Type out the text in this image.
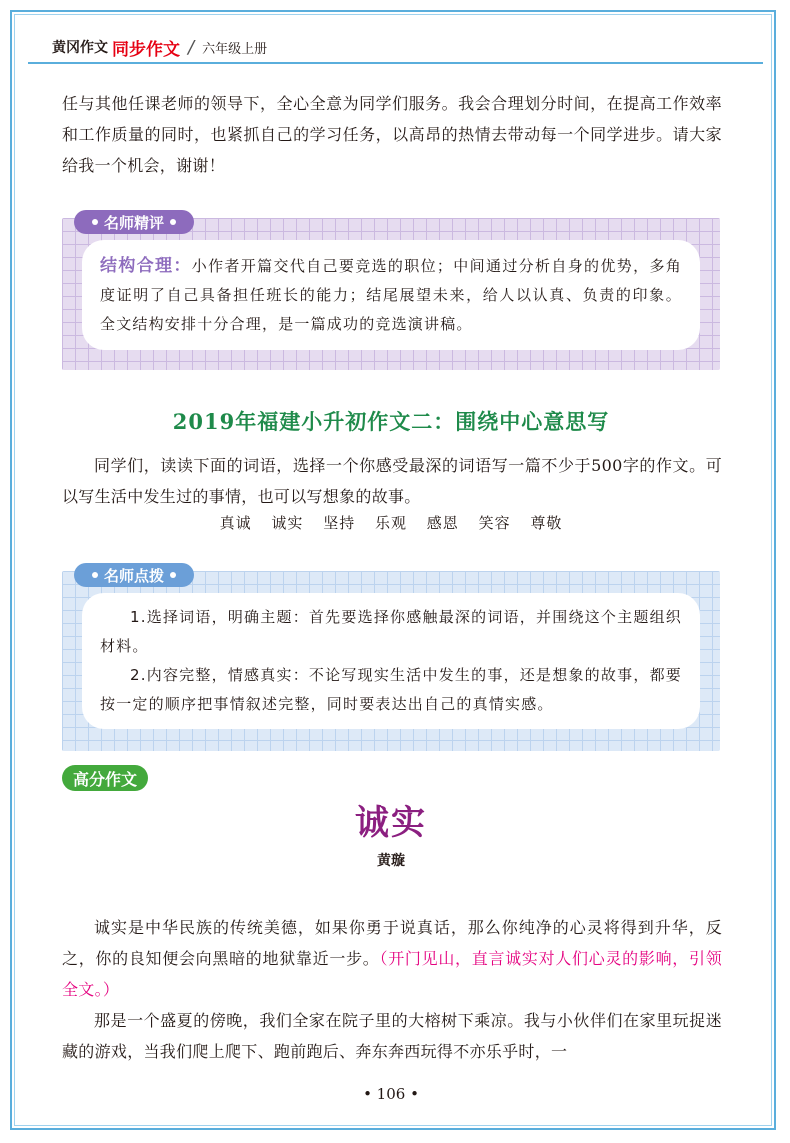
黄冈作文 同步作文 / 六年级上册

任与其他任课老师的领导下，全心全意为同学们服务。我会合理划分时间，在提高工作效率和工作质量的同时，也紧抓自己的学习任务，以高昂的热情去带动每一个同学进步。请大家给我一个机会，谢谢！

名师精评

结构合理：小作者开篇交代自己要竞选的职位；中间通过分析自身的优势，多角度证明了自己具备担任班长的能力；结尾展望未来，给人以认真、负责的印象。全文结构安排十分合理，是一篇成功的竞选演讲稿。

2019年福建小升初作文二：围绕中心意思写

同学们，读读下面的词语，选择一个你感受最深的词语写一篇不少于500字的作文。可以写生活中发生过的事情，也可以写想象的故事。

真诚 诚实 坚持 乐观 感恩 笑容 尊敬
名师点拨

1.选择词语，明确主题：首先要选择你感触最深的词语，并围绕这个主题组织材料。

2.内容完整，情感真实：不论写现实生活中发生的事，还是想象的故事，都要按一定的顺序把事情叙述完整，同时要表达出自己的真情实感。

高分作文
诚实
黄璇

诚实是中华民族的传统美德，如果你勇于说真话，那么你纯净的心灵将得到升华，反之，你的良知便会向黑暗的地狱靠近一步。（开门见山，直言诚实对人们心灵的影响，引领全文。）

那是一个盛夏的傍晚，我们全家在院子里的大榕树下乘凉。我与小伙伴们在家里玩捉迷藏的游戏，当我们爬上爬下、跑前跑后、奔东奔西玩得不亦乐乎时，一

• 106 •
